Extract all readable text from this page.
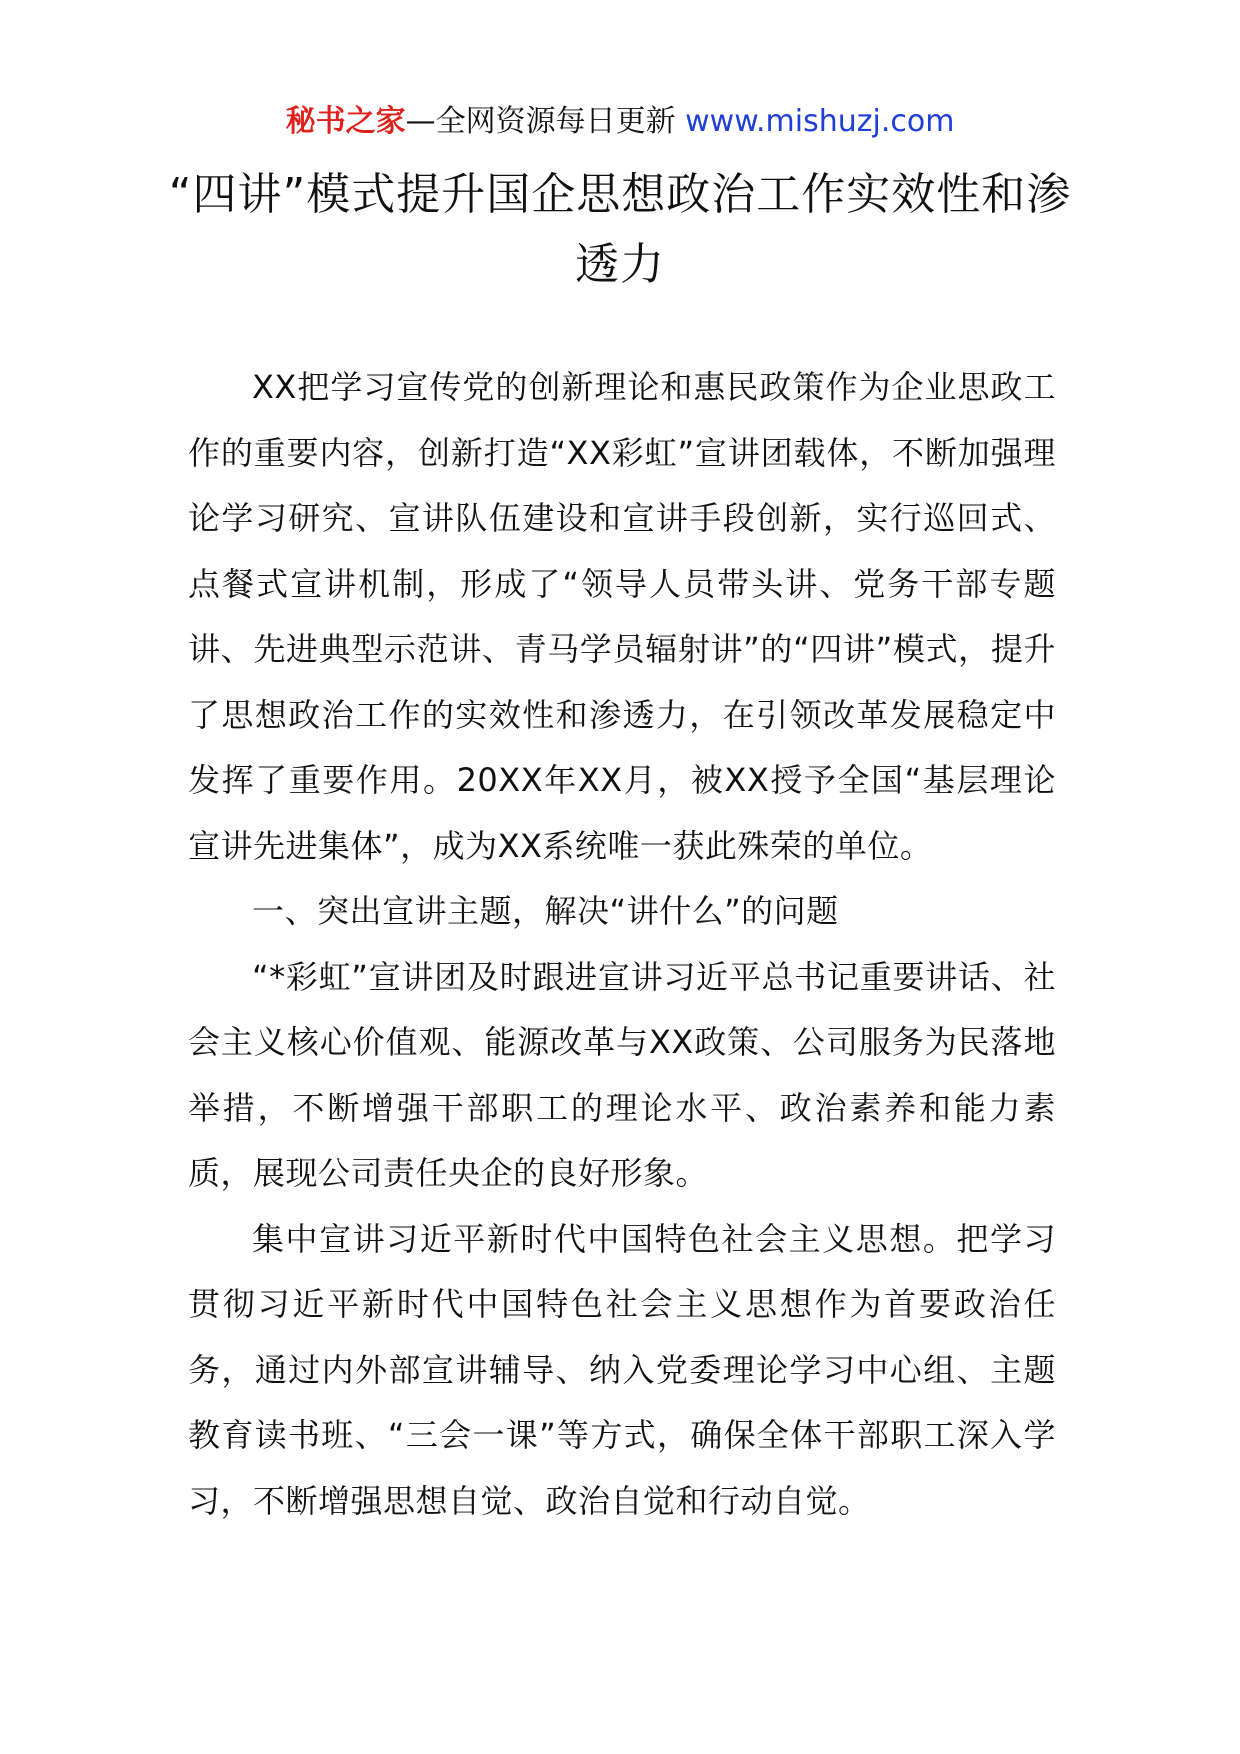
秘书之家—全网资源每日更新 www.mishuzj.com
“四讲”模式提升国企思想政治工作实效性和渗透力

XX把学习宣传党的创新理论和惠民政策作为企业思政工作的重要内容，创新打造“XX彩虹”宣讲团载体，不断加强理论学习研究、宣讲队伍建设和宣讲手段创新，实行巡回式、点餐式宣讲机制，形成了“领导人员带头讲、党务干部专题讲、先进典型示范讲、青马学员辐射讲”的“四讲”模式，提升了思想政治工作的实效性和渗透力，在引领改革发展稳定中发挥了重要作用。20XX年XX月，被XX授予全国“基层理论宣讲先进集体”，成为XX系统唯一获此殊荣的单位。

一、突出宣讲主题，解决“讲什么”的问题

“*彩虹”宣讲团及时跟进宣讲习近平总书记重要讲话、社会主义核心价值观、能源改革与XX政策、公司服务为民落地举措，不断增强干部职工的理论水平、政治素养和能力素质，展现公司责任央企的良好形象。

集中宣讲习近平新时代中国特色社会主义思想。把学习贯彻习近平新时代中国特色社会主义思想作为首要政治任务，通过内外部宣讲辅导、纳入党委理论学习中心组、主题教育读书班、“三会一课”等方式，确保全体干部职工深入学习，不断增强思想自觉、政治自觉和行动自觉。
